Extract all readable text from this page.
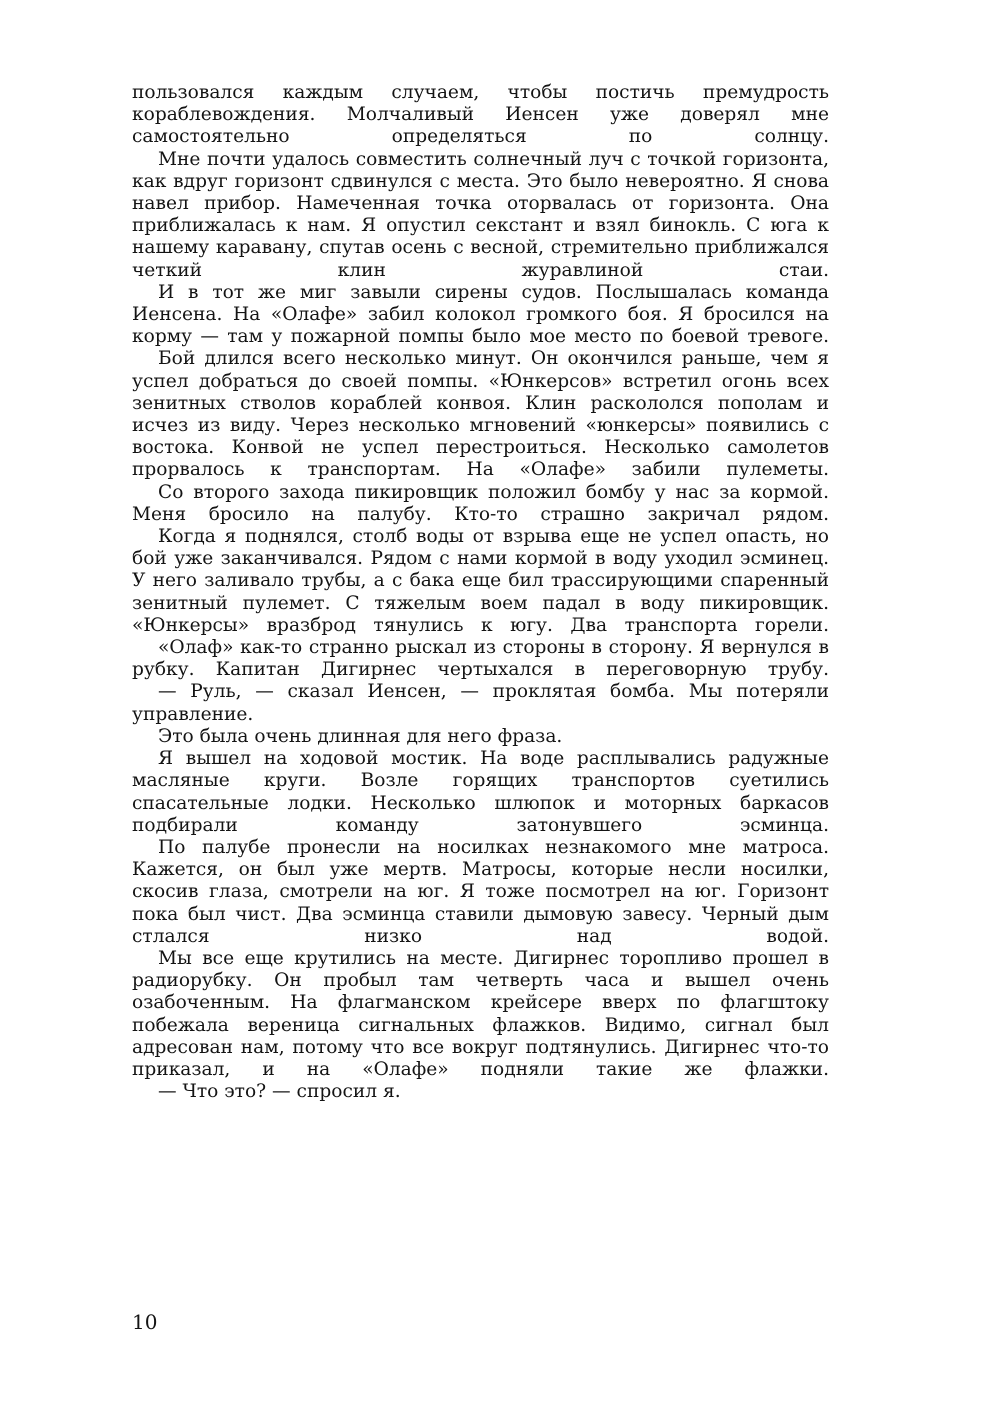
пользовался каждым случаем, чтобы постичь премудрость кораблевождения. Молчаливый Иенсен уже доверял мне самостоятельно определяться по солнцу.

Мне почти удалось совместить солнечный луч с точкой горизонта, как вдруг горизонт сдвинулся с места. Это было невероятно. Я снова навел прибор. Намеченная точка оторвалась от горизонта. Она приближалась к нам. Я опустил секстант и взял бинокль. С юга к нашему каравану, спутав осень с весной, стремительно приближался четкий клин журавлиной стаи.

И в тот же миг завыли сирены судов. Послышалась команда Иенсена. На «Олафе» забил колокол громкого боя. Я бросился на корму — там у пожарной помпы было мое место по боевой тревоге.

Бой длился всего несколько минут. Он окончился раньше, чем я успел добраться до своей помпы. «Юнкерсов» встретил огонь всех зенитных стволов кораблей конвоя. Клин раскололся пополам и исчез из виду. Через несколько мгновений «юнкерсы» появились с востока. Конвой не успел перестроиться. Несколько самолетов прорвалось к транспортам. На «Олафе» забили пулеметы.

Со второго захода пикировщик положил бомбу у нас за кормой. Меня бросило на палубу. Кто-то страшно закричал рядом.

Когда я поднялся, столб воды от взрыва еще не успел опасть, но бой уже заканчивался. Рядом с нами кормой в воду уходил эсминец. У него заливало трубы, а с бака еще бил трассирующими спаренный зенитный пулемет. С тяжелым воем падал в воду пикировщик. «Юнкерсы» вразброд тянулись к югу. Два транспорта горели.

«Олаф» как-то странно рыскал из стороны в сторону. Я вернулся в рубку. Капитан Дигирнес чертыхался в переговорную трубу.

— Руль, — сказал Иенсен, — проклятая бомба. Мы потеряли управление.

Это была очень длинная для него фраза.

Я вышел на ходовой мостик. На воде расплывались радужные масляные круги. Возле горящих транспортов суетились спасательные лодки. Несколько шлюпок и моторных баркасов подбирали команду затонувшего эсминца.

По палубе пронесли на носилках незнакомого мне матроса. Кажется, он был уже мертв. Матросы, которые несли носилки, скосив глаза, смотрели на юг. Я тоже посмотрел на юг. Горизонт пока был чист. Два эсминца ставили дымовую завесу. Черный дым стлался низко над водой.

Мы все еще крутились на месте. Дигирнес торопливо прошел в радиорубку. Он пробыл там четверть часа и вышел очень озабоченным. На флагманском крейсере вверх по флагштоку побежала вереница сигнальных флажков. Видимо, сигнал был адресован нам, потому что все вокруг подтянулись. Дигирнес что-то приказал, и на «Олафе» подняли такие же флажки.

— Что это? — спросил я.

10
